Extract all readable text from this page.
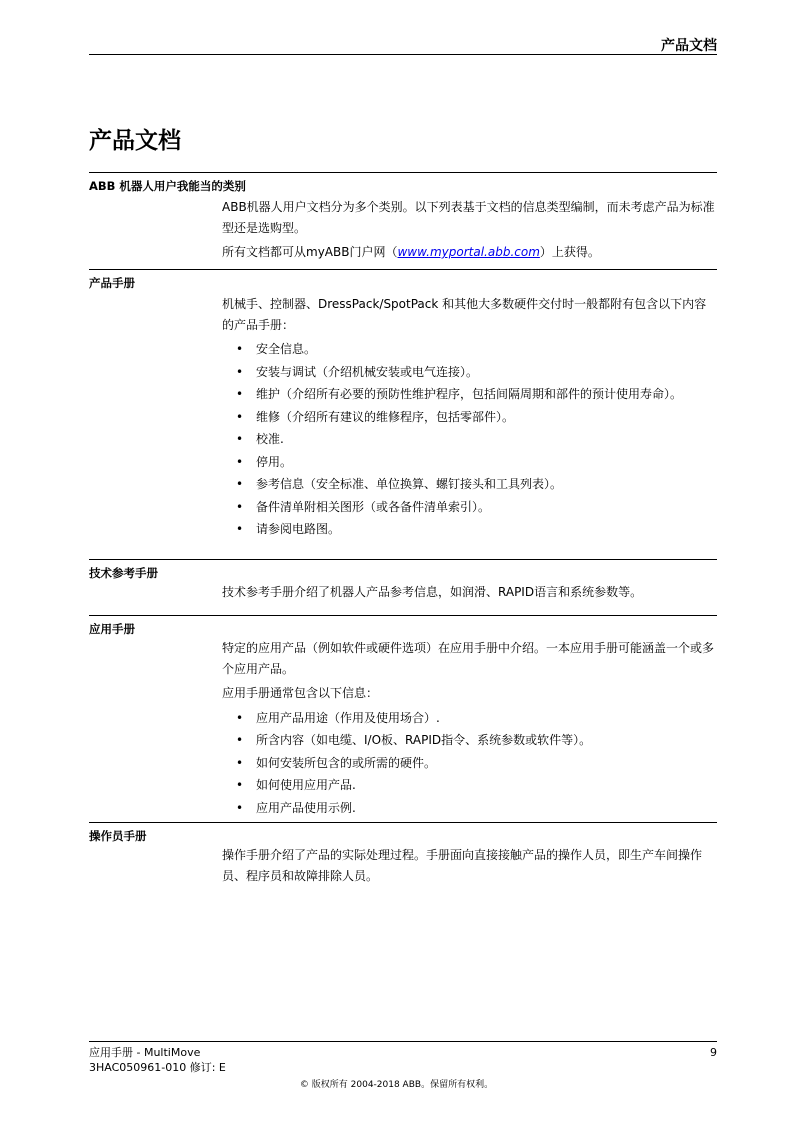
产品文档
产品文档
ABB 机器人用户我能当的类别

ABB机器人用户文档分为多个类别。以下列表基于文档的信息类型编制，而未考虑产品为标准型还是选购型。

所有文档都可从myABB门户网（www.myportal.abb.com）上获得。

产品手册

机械手、控制器、DressPack/SpotPack 和其他大多数硬件交付时一般都附有包含以下内容的产品手册：

• 安全信息。
• 安装与调试（介绍机械安装或电气连接）。
• 维护（介绍所有必要的预防性维护程序，包括间隔周期和部件的预计使用寿命）。
• 维修（介绍所有建议的维修程序，包括零部件）。
• 校准.
• 停用。
• 参考信息（安全标准、单位换算、螺钉接头和工具列表）。
• 备件清单附相关图形（或各备件清单索引）。
• 请参阅电路图。
技术参考手册

技术参考手册介绍了机器人产品参考信息，如润滑、RAPID语言和系统参数等。

应用手册

特定的应用产品（例如软件或硬件选项）在应用手册中介绍。一本应用手册可能涵盖一个或多个应用产品。

应用手册通常包含以下信息：

• 应用产品用途（作用及使用场合）.
• 所含内容（如电缆、I/O板、RAPID指令、系统参数或软件等）。
• 如何安装所包含的或所需的硬件。
• 如何使用应用产品.
• 应用产品使用示例.
操作员手册

操作手册介绍了产品的实际处理过程。手册面向直接接触产品的操作人员，即生产车间操作员、程序员和故障排除人员。

应用手册 - MultiMove
3HAC050961-010 修订: E
9
© 版权所有 2004-2018 ABB。保留所有权利。
